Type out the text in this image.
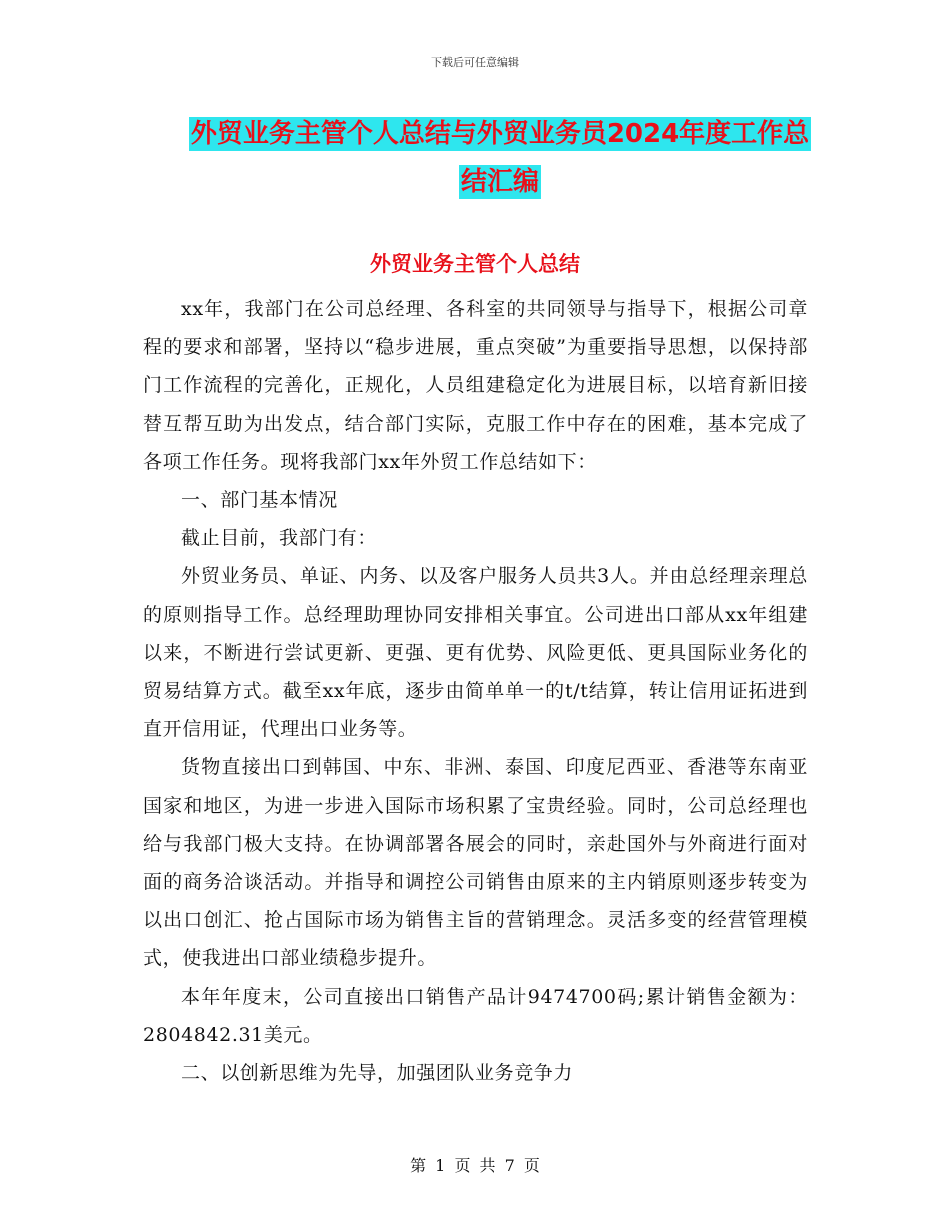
下载后可任意编辑
外贸业务主管个人总结与外贸业务员2024年度工作总
结汇编
外贸业务主管个人总结

xx年，我部门在公司总经理、各科室的共同领导与指导下，根据公司章程的要求和部署，坚持以“稳步进展，重点突破”为重要指导思想，以保持部门工作流程的完善化，正规化，人员组建稳定化为进展目标，以培育新旧接替互帮互助为出发点，结合部门实际，克服工作中存在的困难，基本完成了各项工作任务。现将我部门xx年外贸工作总结如下：

一、部门基本情况

截止目前，我部门有：

外贸业务员、单证、内务、以及客户服务人员共3人。并由总经理亲理总的原则指导工作。总经理助理协同安排相关事宜。公司进出口部从xx年组建以来，不断进行尝试更新、更强、更有优势、风险更低、更具国际业务化的贸易结算方式。截至xx年底，逐步由简单单一的t/t结算，转让信用证拓进到直开信用证，代理出口业务等。

货物直接出口到韩国、中东、非洲、泰国、印度尼西亚、香港等东南亚国家和地区，为进一步进入国际市场积累了宝贵经验。同时，公司总经理也给与我部门极大支持。在协调部署各展会的同时，亲赴国外与外商进行面对面的商务洽谈活动。并指导和调控公司销售由原来的主内销原则逐步转变为以出口创汇、抢占国际市场为销售主旨的营销理念。灵活多变的经营管理模式，使我进出口部业绩稳步提升。

本年年度末，公司直接出口销售产品计9474700码;累计销售金额为：2804842.31美元。

二、以创新思维为先导，加强团队业务竞争力

第 1 页 共 7 页
